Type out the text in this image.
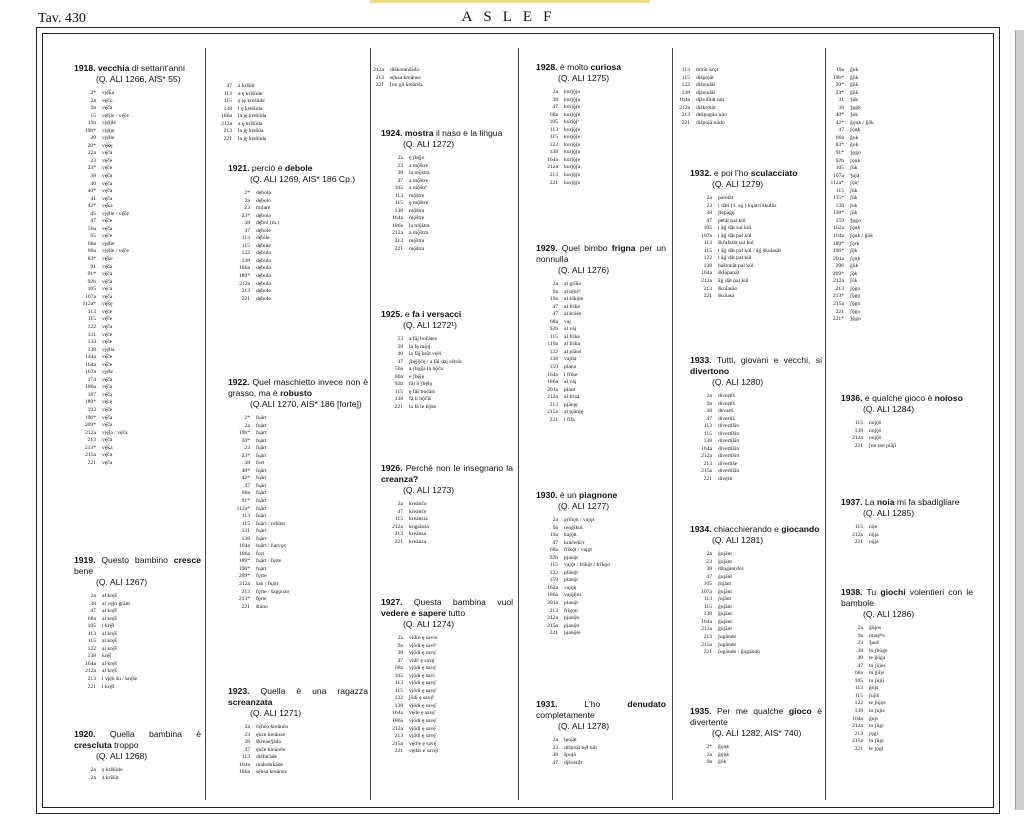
Tav. 430	ASLEF
1918. vecchia di settant’anni
(Q. ALI 1266, AIS* 55)
2*	vję̄ḱa
2a	vę̄čo
9a	vę̄ča
15	vę̄tjle / vę̄če
19a	vję̄tjle
19b*	vję̄tję
20	vję̄tle
20*	vę̄ḱę
22a	vę̄ča
23	vę̄če
23*	vę̄če
38	vę̄ča
40	vę̄ča
40*	vę̄ča
41	vę̄ča
42*	vę̄ḱa
45	vję̄tle / vę̄če
47	vę̄če
56a	vę̄ča
65	vę̄če
68a	vję̄tle
80a	vję̄tle / vę̄če
83*	vę̄ḱe
91	vę̄ča
91*	vę̄ča
92b	vę̄ča
105	vę̄ca
107a	vę̄ča
112a*	vę̄ḱę
113	vę̄če
115	vę̄če
122	vę̄ča
131	vę̄če
134	vę̄če
138	vję̄tla
144a	vę̄če
164a	vę̄če
167a	vję̄te
174	vę̄ča
186a	vę̄ča
187	vę̄ča
189*	vę̄cę
193	vę̄če
196*	vę̄ča
209*	vę̄ča
212a	vję̄la / vę̄ča
213	vę̄ča
213*	vę̄ḱa
215a	vę̄ča
221	vę̄ča
1919. Questo bambino cresce bene
(Q. ALI 1267)
2a	al krę̄š
38	al vę̄jn grānt
47	al krę̄š
68a	al krę̄š
105	l krę̄š
113	al krę̄š
115	al krę̄š
122	al krę̄š
138	krę̄š
164a	al krę̄š
212a	al krę̄š
213	l vję̄n šu / krę̄še
221	l krę̄š
1920. Quella bambina è crescluta troppo
(Q. ALI 1268)
2a	ę krīšūdo
2a	à krīšūt
47	à krīšūt
113	a ę krīšūde
115	ę ję krešūde
138	l ę krešūda
186a	la ję krešūda
212a	a ę krīšūda
213	la ję krešūa
221	la ję krešūda
1921. perciò è debole
(Q. ALI 1269, AIS* 186 Cp.)
2*	dę̄bolp
2a	dę̄belo
23	miḷare
23*	dę̄bola
38	dę̄bol (m.)
47	dę̄bole
113	dę̄bile
115	dę̄bule
122	dę̄bula
138	dę̄bula
186a	dę̄bula
189*	dę̄bula
212a	dę̄bula
213	dę̄bole
221	dę̄bole
1922. Quel maschietto invece non è grasso, ma è robusto
(Q.ALI 1270, AIS* 186 [forte])
2*	fu̯ārt
2a	fu̯ārt
19b*	fu̯ārt
20*	fu̯ārt
23	fu̯ārt
23*	fu̯ārt
38	fort
40*	fu̯ārt
42*	fu̯ārt
47	fu̯ārt
80a	fu̯ārt
91*	fu̯ārt
112a*	fu̯ārt
113	fu̯ārt
115	fu̯ārt / robūst
131	fu̯ārt
138	fu̯ārt
164a	fu̯ārt / ñarvǫs
186a	fort
189*	fu̯ārt / fǫrte
196*	fu̯ārt
209*	fǫrte
212a	šan / fu̯ārt
213	fǫrte / šaǵǫnāo
213*	fǫrte
221	štāno
1923. Quella è una ragazza screanzata
(Q. ALI 1271)
2a	čę̄nčo kreānčo
23	ę̄nze kreānze
38	škreanǯāda
47	ę̄nče kreānče
113	dišfaťāde
164a	maleduk̆āde
186a	sę̄nsa kreānsa
212a	diškreans̆āda
213	sę̄nsa kreānsa
221	[no gā kreān͡sa
1924. mostra il naso e la lingua
(Q. ALI 1272)
2a	ę ʃbę̄jo
23	a mǭštre
38	la mǭstra
47	a mǭštre
105	a mǭštrᵉ
113	mǭštre
115	ę mǭštre
138	mǭštra
164a	mǭštre
186a	la mǭštra
212a	a mǭštra
213	mǭštra
221	mǭštra
1925. e fa i versacci
(Q. ALI 1272¹)
23	a fāj bočātes
38	la fę mǭtj
40	la fāj brūt vę̄rš
47	ʃbę̄jǭčę / a fāi daj eštrāc
56a	a ʃbǫg̃a la bǭča
80a	e ʃbę̄ję
92b	fāj li ʃbę̄lǫ
115	ę fāš bočāts
138	fā li bǭčiš
221	la fā le bǭke
1926. Perché non le insegnano la creanza?
(Q. ALI 1273)
2a	kreānčo
47	kreānče
115	kreānsia
212a	krąpānsa
213	kreānsa
221	kreānza
1927. Questa bambina vuol vedere e sapere tutto
(Q. ALI 1274)
2a	vidio ę savio
9a	vjōdi ę savīᵉ
38	vjōdi ę savę̄
47	vīdīᵉ ę savę̄
68a	vjōdi ę savę̄
105	vjōdi ę savī
113	vjōdi ę savę̄
115	vjōdi ę savę̄
122	jōdi ę savę̄ʳ
138	vjōdi ę savę̄
164a	vę̄de ę savę̄
186a	vjōdi ę savę̄
212a	vjōdi ę savę̄
213	vjōdi ę savę̄
215a	vę̄dᵉe ę savę̄
221	vędar e savę̄r
1928. è molto curiosa
(Q. ALI 1275)
2a	kurjǭjo
38	kurjǭʃa
47	kurjǭʃe
68a	kurjǭʃe
105	kurjǭʃᵉ
113	kurjǭʃe
115	kurjǭʃe
122	kurjǭʃa
138	kurjǭʃa
164a	kurjǭʃe
212a	kurjǭʃa
213	kurjǭʃa
221	kurjǭʃa
1929. Quel bimbo frigna per un nonnulla
(Q. ALI 1276)
2a	al grīño
9a	al rę̄nčᵉ
19a	al kīkǭte
47	al frīke
47	al krāče
68a	vaj
92b	al vāj
115	al frīke
119a	al frīka
122	al plānš
138	vajīta
159	planǝ
164a	l frīke
186a	al vāj
201a	plānt
212a	al frīsa
213	pjānję
215a	al pjānję
221	l fīfa
1930. è un piagnone
(Q. ALI 1277)
2a	grīñǫn / vajǫt
9a	renǧīkul
19a	kajǭtt
47	kračedūʳr
68a	frīkǭt / vajǫt
92b	pjanǭt
115	vajǭt / frīkǭt / frīkǫn
122	plānǭt
159	planǭt
162a	vajǫn
186a	vajǭlint
201a	planǭt
213	frīgǫn
212a	pjanǭn
215a	pjanǭn
221	pjanǭte
1931.	L’ho denudato completamente
(Q. ALI 1278)
2a	lpojāt
23	dišpoāt bę̄l nūt
38	špojā
47	dįšvetīlt
113	mitūt krǫt
115	dišpojāt
122	dišnudāt
138	dįšnudāt
164a	dįšvilītāt nūt
212a	diškrotāt
213	dešpugāo nūo
221	dišpojā nūdo
1932. e poi l’ho sculacciato
(Q. ALI 1279)
2a	palotāt
23	i dāti (1. sg.) kųātri škulāz
38	ʃlepaǵę̄
47	petāt pal kūl
105	i āįj dāt sul kūl
107a	i āįj dāt pal kūl
113	škfafatāt sul kul
115	i āįj dāt pal kūl / āįj škulasāt
122	i āįj dāt pal kūl
138	baštonāt pal kūl
164a	škłapanāt
212a	āįj dāt pal kūl
213	škulasāo
221	škulasā
1933. Tutti, giovani e vecchi, si divertono
(Q. ALI 1280)
2a	divertīš
9a	divertīš
38	devartī
47	divertīš
113	divertīšin
115	divertīšin
138	divertīšin
164a	divertīšin
212a	divertīšin
213	divertīše
215a	divertīšin
221	divę̄rti
1934. chiacchierando e giocando
(Q. ALI 1281)
2a	ǧujānt
23	ǧujānt
38	ǆuǵān(do)
47	ǧujānt
105	ʃujānt
107a	ǧujānt
113	ʃujānt
115	ǧujānt
138	ǧujānt
164a	ǧujānt
212a	ǧujānt
213	ʃugāndo
215a	ʃugāndo
221	ʃogāndo / ǧogāndo
1935. Per me qualche gioco è divertente
(Q. ALI 1282, AIS* 740)
2*	ǧǫu̯k
2a	ǧǫu̯k
9a	ǧōk
19a	ǧuk
19b*	ǧōk
20*	ǧōk
23*	ǧōk
31	ǯūk
38	ǯǫǵk
40*	ǯok
42*	ǧǫu̯k / ǧōk
47	ʃǫu̯k
80a	ǧuk
83*	ǧok
91*	ǯǫǵo
92b	ʃǫu̯k
105	ʃūk
107a	ǯujā
112a*	ʃǫu̯ᵏ
115	ʃūk
115*	ʃūk
138	ʃuk
138*	ʃūk
159	ǯǫgo
162a	ʃǫu̯k
164a	ʃǫu̯k / ǧūk
189*	ʃǭrk
196*	ʃǭk
201a	ʃǫu̯k
206	ǧūk
209*	ʃǭk
212a	ʃūk
213	ʃǭgo
213*	ʃǭgǫ
215a	ʃǭgo
221	ʃǭgo
221*	ǯǭgo
1936. e qualche gioco è noioso
(Q. ALI 1284)
115	nojǭš
138	nojǭš
212a	nojǭš
221	[no me piāʃi
1937. La noia mi fa sbadigliare
(Q. ALI 1285)
115	nǭe
212a	nǭja
221	nǭja
1938. Tu giochi volentieri con le bambole
(Q. ALI 1286)
2a	ǧūjos
9a	matę̄ᵐs
23	ǯueš
38	to ʃbūǵe
40	te ǧōǵa
47	tu ʃūjes
68a	tu ǧūjs
105	tu ʃujīj
113	ǧujs
115	ʃujīš
122	te ʃujǫs
138	tu ʃujis
164a	ǧujs
212a	tu ʃūgi
213	ʃǫgi
215a	tu ʃūgi
221	te ʃǫgi
